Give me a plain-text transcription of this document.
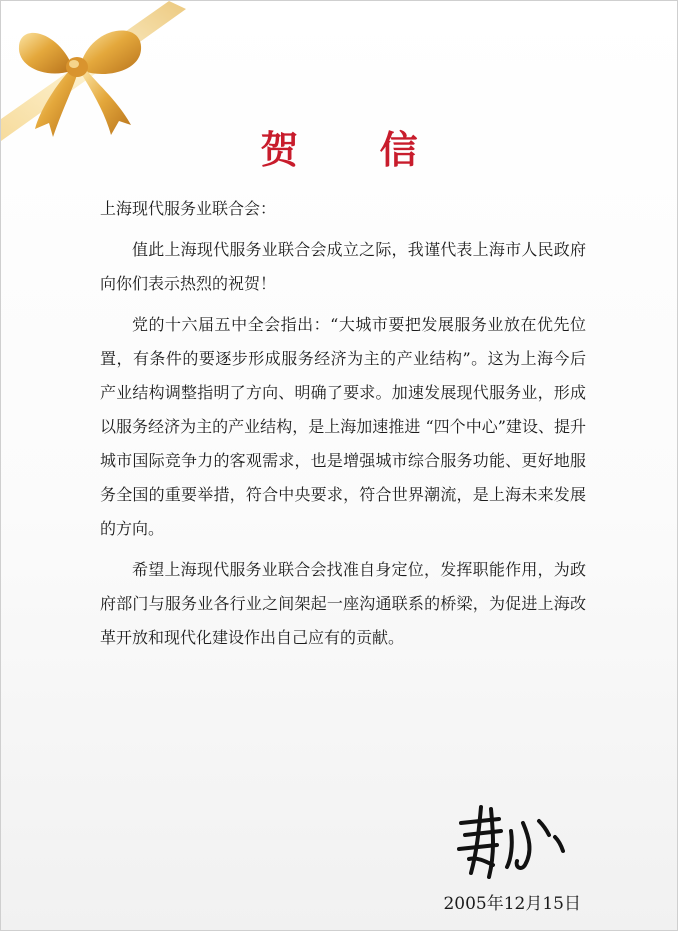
贺 信

上海现代服务业联合会：

值此上海现代服务业联合会成立之际，我谨代表上海市人民政府向你们表示热烈的祝贺！

党的十六届五中全会指出：“大城市要把发展服务业放在优先位置，有条件的要逐步形成服务经济为主的产业结构”。这为上海今后产业结构调整指明了方向、明确了要求。加速发展现代服务业，形成以服务经济为主的产业结构，是上海加速推进 “四个中心”建设、提升城市国际竞争力的客观需求，也是增强城市综合服务功能、更好地服务全国的重要举措，符合中央要求，符合世界潮流，是上海未来发展的方向。

希望上海现代服务业联合会找准自身定位，发挥职能作用，为政府部门与服务业各行业之间架起一座沟通联系的桥梁，为促进上海改革开放和现代化建设作出自己应有的贡献。

2005年12月15日
